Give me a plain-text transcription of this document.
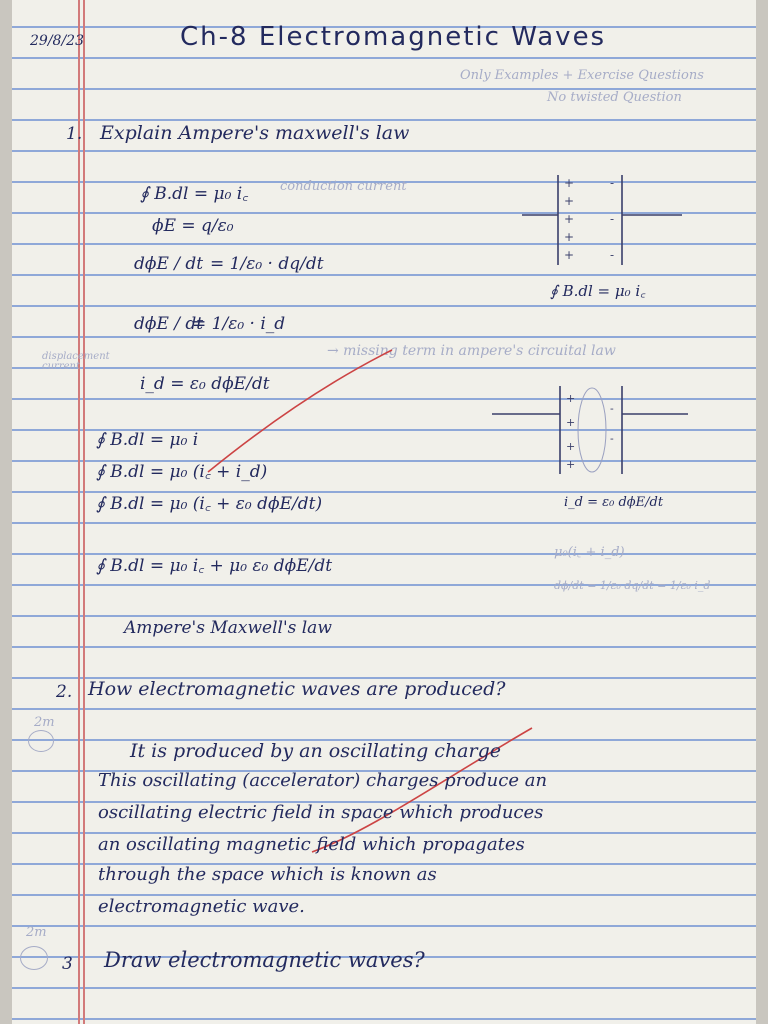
29/8/23	Ch-8 Electromagnetic Waves
Only Examples + Exercise Questions
No twisted Question
1. Explain Ampere's maxwell's law
∮ B.dl = μ₀ i꜀ conduction current
ϕE = q/ε₀
dϕE / dt = 1/ε₀ · dq/dt
dϕE / dt
= 1/ε₀ · i_d
displacement current
i_d = ε₀ dϕE/dt
→ missing term in ampere's circuital law
∮ B.dl = μ₀ i
∮ B.dl = μ₀ (i꜀ + i_d)
∮ B.dl = μ₀ (i꜀ + ε₀ dϕE/dt)
∮ B.dl = μ₀ i꜀ + μ₀ ε₀ dϕE/dt
Ampere's Maxwell's law
+
+
+
+
+
-
-
-
∮ B.dl = μ₀ i꜀
+
+
+
+
-
-
i_d = ε₀ dϕE/dt
μ₀(i꜀ + i_d)
dϕ/dt = 1/ε₀ dq/dt = 1/ε₀ i_d
2. How electromagnetic waves are produced?
2m
It is produced by an oscillating charge
This oscillating (accelerator) charges produce an
oscillating electric field in space which produces
an oscillating magnetic field which propagates
through the space which is known as
electromagnetic wave.
2m
3 Draw electromagnetic waves?
